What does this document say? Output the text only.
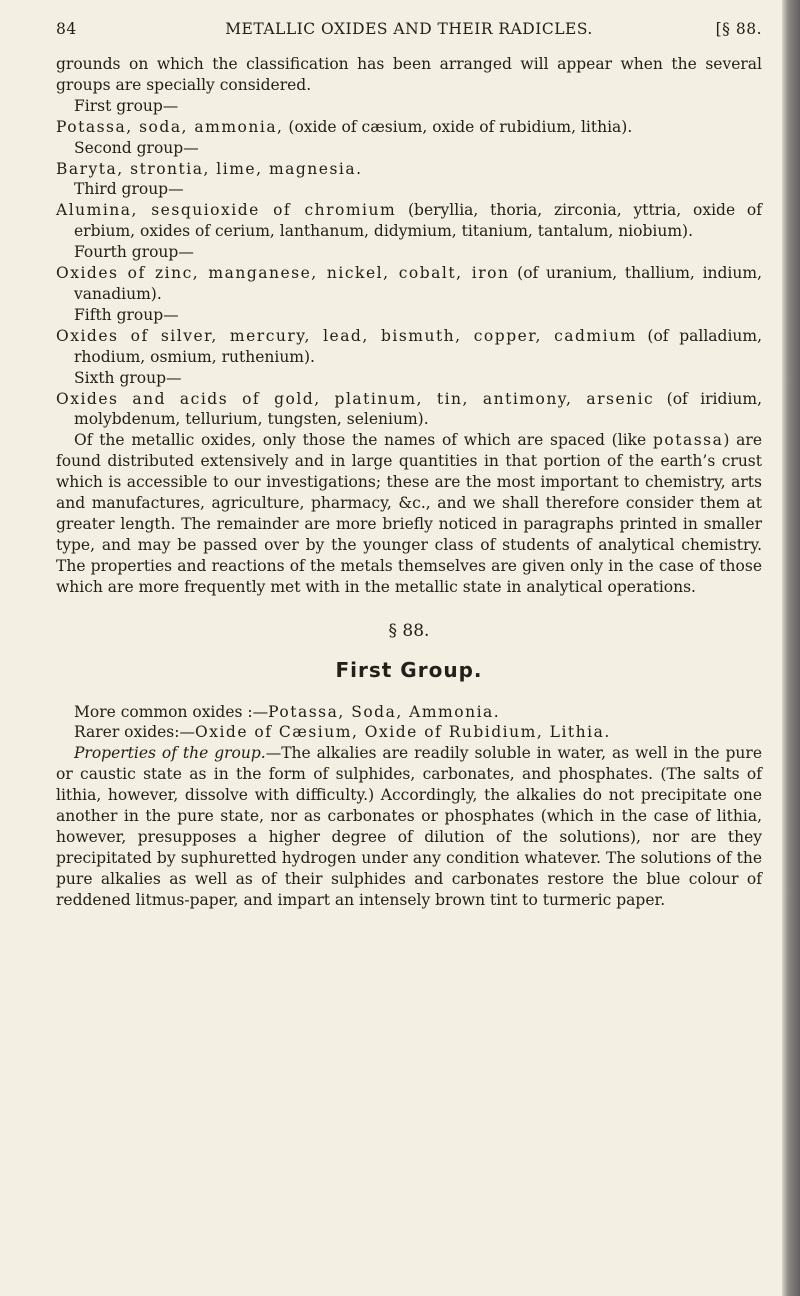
84	METALLIC OXIDES AND THEIR RADICLES.	[§ 88.

grounds on which the classification has been arranged will appear when the several groups are specially considered.

First group—

Potassa, soda, ammonia, (oxide of cæsium, oxide of rubidium, lithia).

Second group—

Baryta, strontia, lime, magnesia.

Third group—

Alumina, sesquioxide of chromium (beryllia, thoria, zirconia, yttria, oxide of erbium, oxides of cerium, lanthanum, didymium, titanium, tantalum, niobium).

Fourth group—

Oxides of zinc, manganese, nickel, cobalt, iron (of uranium, thallium, indium, vanadium).

Fifth group—

Oxides of silver, mercury, lead, bismuth, copper, cadmium (of palladium, rhodium, osmium, ruthenium).

Sixth group—

Oxides and acids of gold, platinum, tin, antimony, arsenic (of iridium, molybdenum, tellurium, tungsten, selenium).

Of the metallic oxides, only those the names of which are spaced (like potassa) are found distributed extensively and in large quantities in that portion of the earth’s crust which is accessible to our investigations; these are the most important to chemistry, arts and manufactures, agriculture, pharmacy, &c., and we shall therefore consider them at greater length. The remainder are more briefly noticed in paragraphs printed in smaller type, and may be passed over by the younger class of students of analytical chemistry. The properties and reactions of the metals themselves are given only in the case of those which are more frequently met with in the metallic state in analytical operations.

§ 88.
First Group.

More common oxides :—Potassa, Soda, Ammonia.

Rarer oxides:—Oxide of Cæsium, Oxide of Rubidium, Lithia.

Properties of the group.—The alkalies are readily soluble in water, as well in the pure or caustic state as in the form of sulphides, carbonates, and phosphates. (The salts of lithia, however, dissolve with difficulty.) Accordingly, the alkalies do not precipitate one another in the pure state, nor as carbonates or phosphates (which in the case of lithia, however, presupposes a higher degree of dilution of the solutions), nor are they precipitated by suphuretted hydrogen under any condition whatever. The solutions of the pure alkalies as well as of their sulphides and carbonates restore the blue colour of reddened litmus-paper, and impart an intensely brown tint to turmeric paper.
